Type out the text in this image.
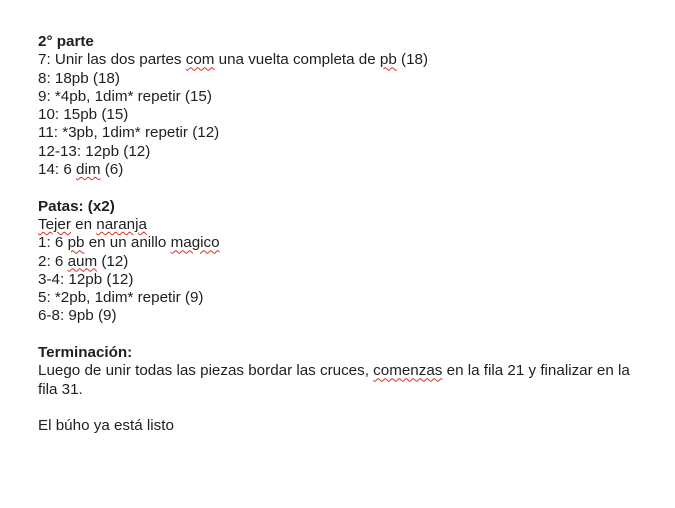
2° parte
7: Unir las dos partes com una vuelta completa de pb (18)
8: 18pb (18)
9: *4pb, 1dim* repetir (15)
10: 15pb (15)
11: *3pb, 1dim* repetir (12)
12-13: 12pb (12)
14: 6 dim (6)
Patas: (x2)
Tejer en naranja
1: 6 pb en un anillo magico
2: 6 aum (12)
3-4: 12pb (12)
5: *2pb, 1dim* repetir (9)
6-8: 9pb (9)
Terminación:
Luego de unir todas las piezas bordar las cruces, comenzas en la fila 21 y finalizar en la fila 31.
El búho ya está listo
